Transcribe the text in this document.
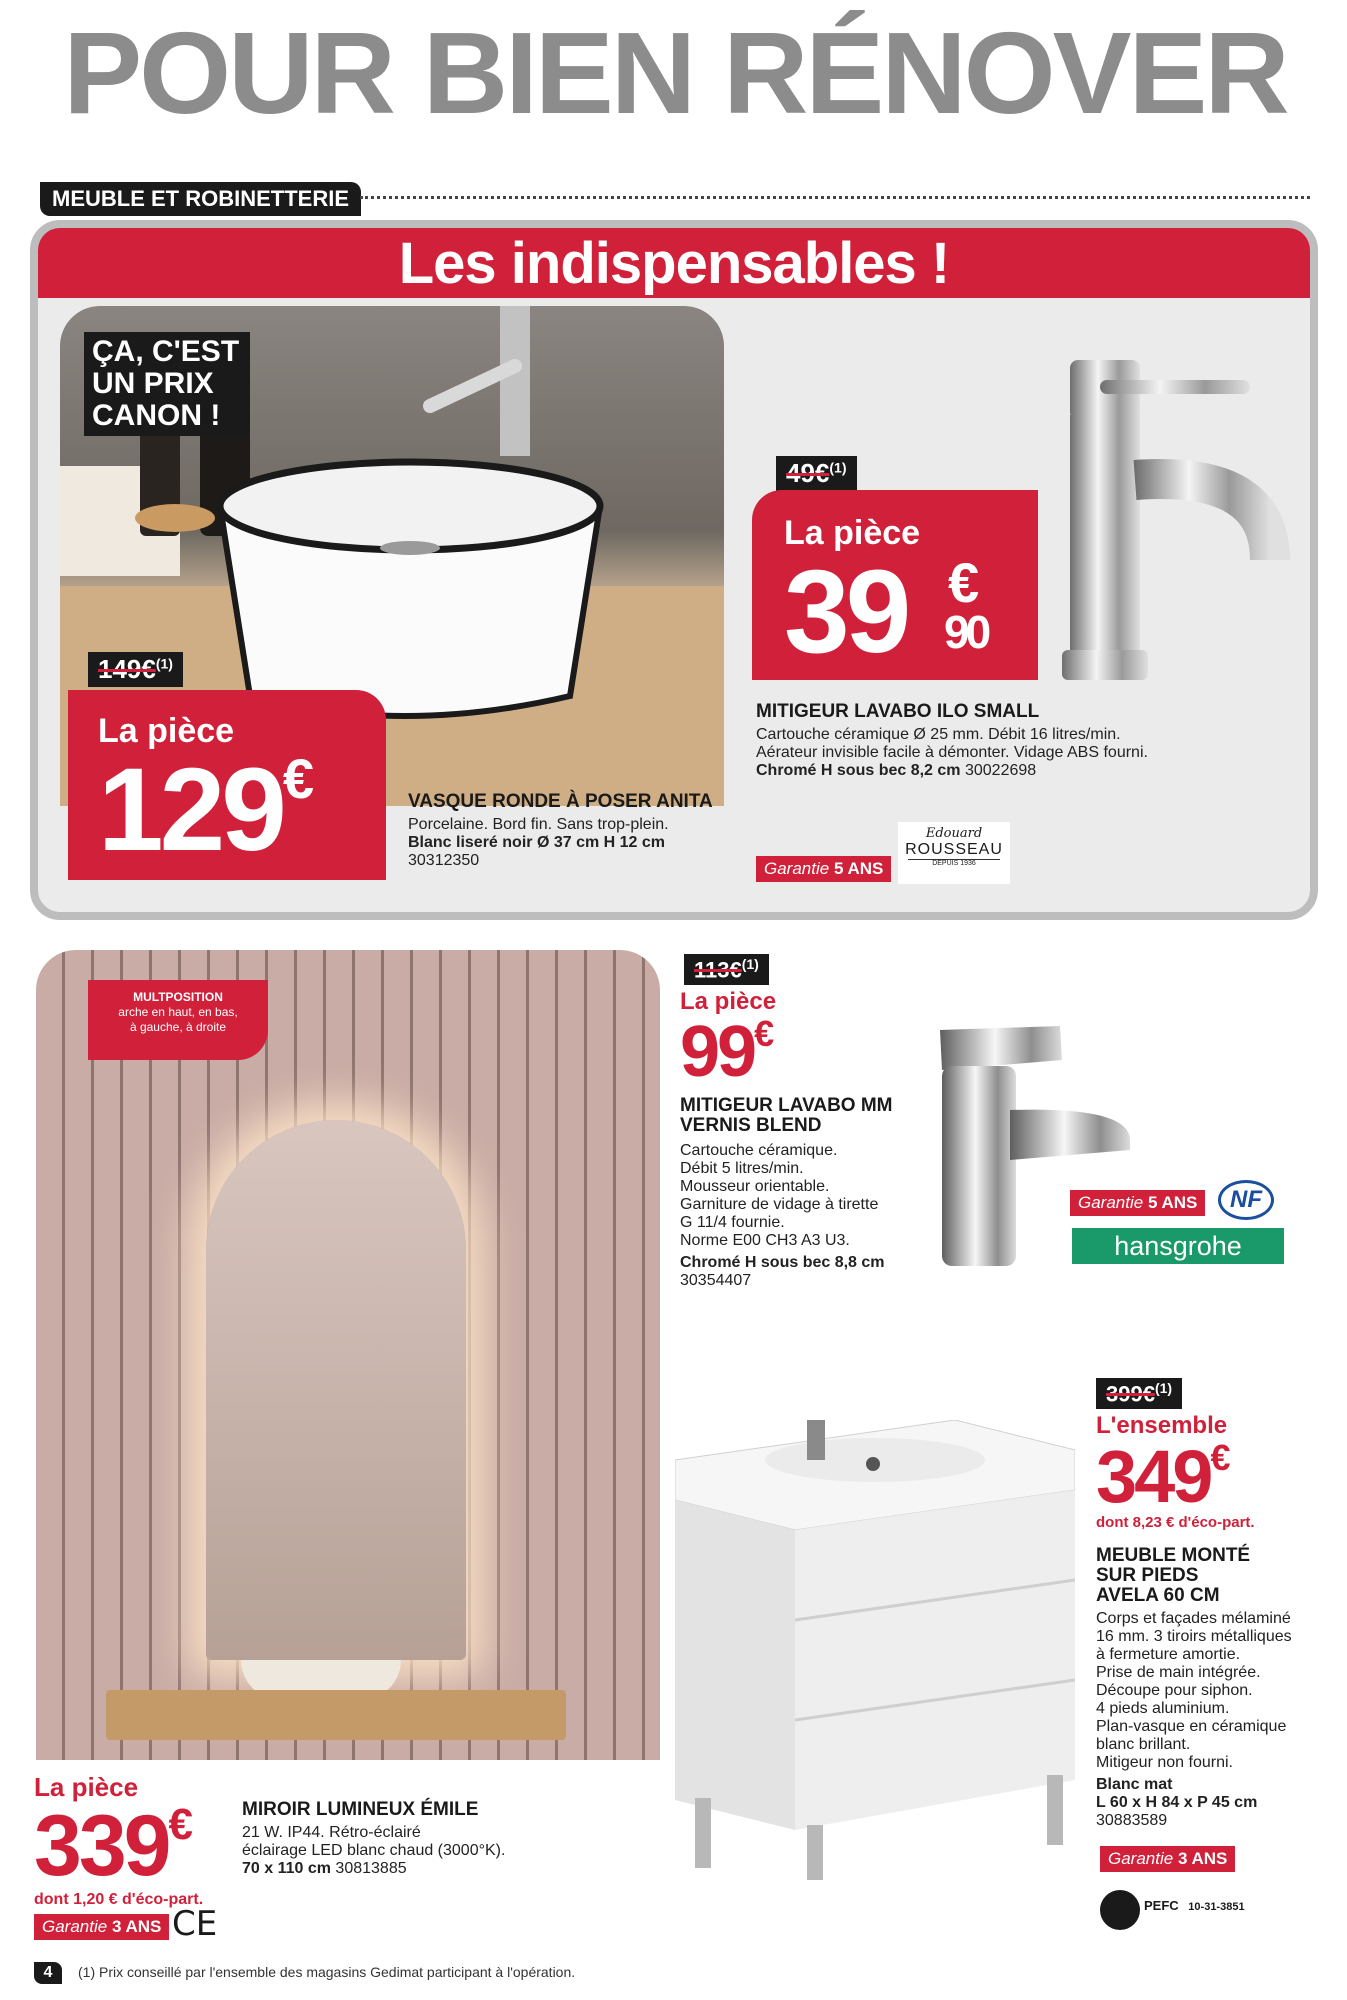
POUR BIEN RÉNOVER
MEUBLE ET ROBINETTERIE
Les indispensables !
ÇA, C'EST
UN PRIX
CANON !
149€$^{(1)}$
La pièce
129€	VASQUE RONDE À POSER ANITA
Porcelaine. Bord fin. Sans trop-plein.
Blanc liseré noir Ø 37 cm H 12 cm
30312350
49€$^{(1)}$
La pièce
39 €
90
MITIGEUR LAVABO ILO SMALL
Cartouche céramique Ø 25 mm. Débit 16 litres/min.
Aérateur invisible facile à démonter. Vidage ABS fourni.
Chromé H sous bec 8,2 cm 30022698
Garantie 5 ANS
Edouard
ROUSSEAU
DEPUIS 1936
MULTPOSITION
arche en haut, en bas,
à gauche, à droite
La pièce
339€
dont 1,20 € d'éco-part.
MIROIR LUMINEUX ÉMILE
21 W. IP44. Rétro-éclairé
éclairage LED blanc chaud (3000°K).
70 x 110 cm 30813885
Garantie 3 ANS CE
113€$^{(1)}$
La pièce
99€
MITIGEUR LAVABO MM
VERNIS BLEND
Cartouche céramique.
Débit 5 litres/min.
Mousseur orientable.
Garniture de vidage à tirette
G 11/4 fournie.
Norme E00 CH3 A3 U3.
Chromé H sous bec 8,8 cm
30354407
Garantie 5 ANS	NF
hansgrohe
399€$^{(1)}$
L'ensemble
349€
dont 8,23 € d'éco-part.
MEUBLE MONTÉ
SUR PIEDS
AVELA 60 CM
Corps et façades mélaminé
16 mm. 3 tiroirs métalliques
à fermeture amortie.
Prise de main intégrée.
Découpe pour siphon.
4 pieds aluminium.
Plan-vasque en céramique
blanc brillant.
Mitigeur non fourni.
Blanc mat
L 60 x H 84 x P 45 cm
30883589
Garantie 3 ANS
PEFC 10-31-3851
4	(1) Prix conseillé par l'ensemble des magasins Gedimat participant à l'opération.
